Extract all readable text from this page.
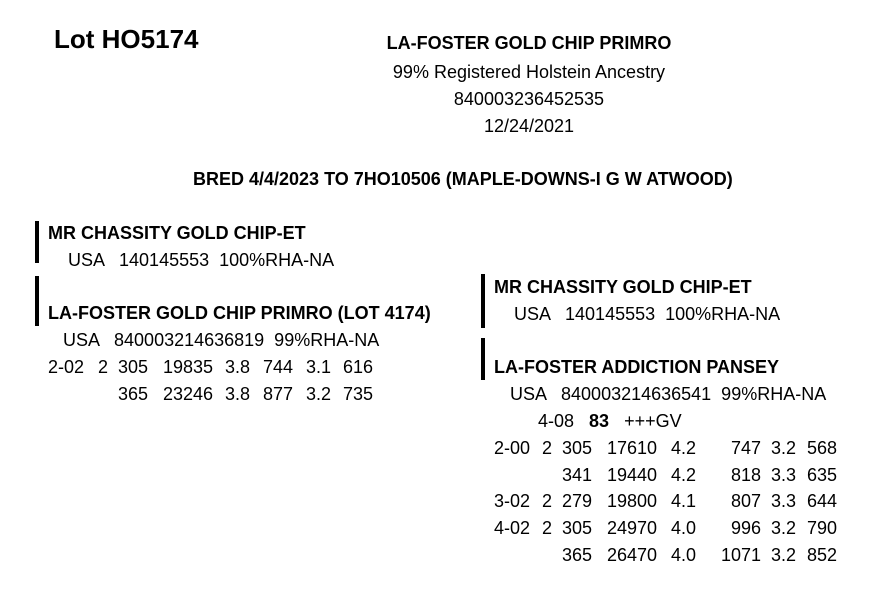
Lot HO5174	LA-FOSTER GOLD CHIP PRIMRO
99% Registered Holstein Ancestry
840003236452535
12/24/2021
BRED 4/4/2023 TO 7HO10506 (MAPLE-DOWNS-I G W ATWOOD)
MR CHASSITY GOLD CHIP-ET
USA   140145553  100%RHA-NA
LA-FOSTER GOLD CHIP PRIMRO (LOT 4174)
USA   840003214636819  99%RHA-NA
2-02	2	305	19835	3.8	744	3.1	616
		365	23246	3.8	877	3.2	735
MR CHASSITY GOLD CHIP-ET
USA   140145553  100%RHA-NA
LA-FOSTER ADDICTION PANSEY
USA   840003214636541  99%RHA-NA
4-08 83 +++GV
2-00	2	305	17610	4.2	747	3.2	568
		341	19440	4.2	818	3.3	635
3-02	2	279	19800	4.1	807	3.3	644
4-02	2	305	24970	4.0	996	3.2	790
		365	26470	4.0	1071	3.2	852
